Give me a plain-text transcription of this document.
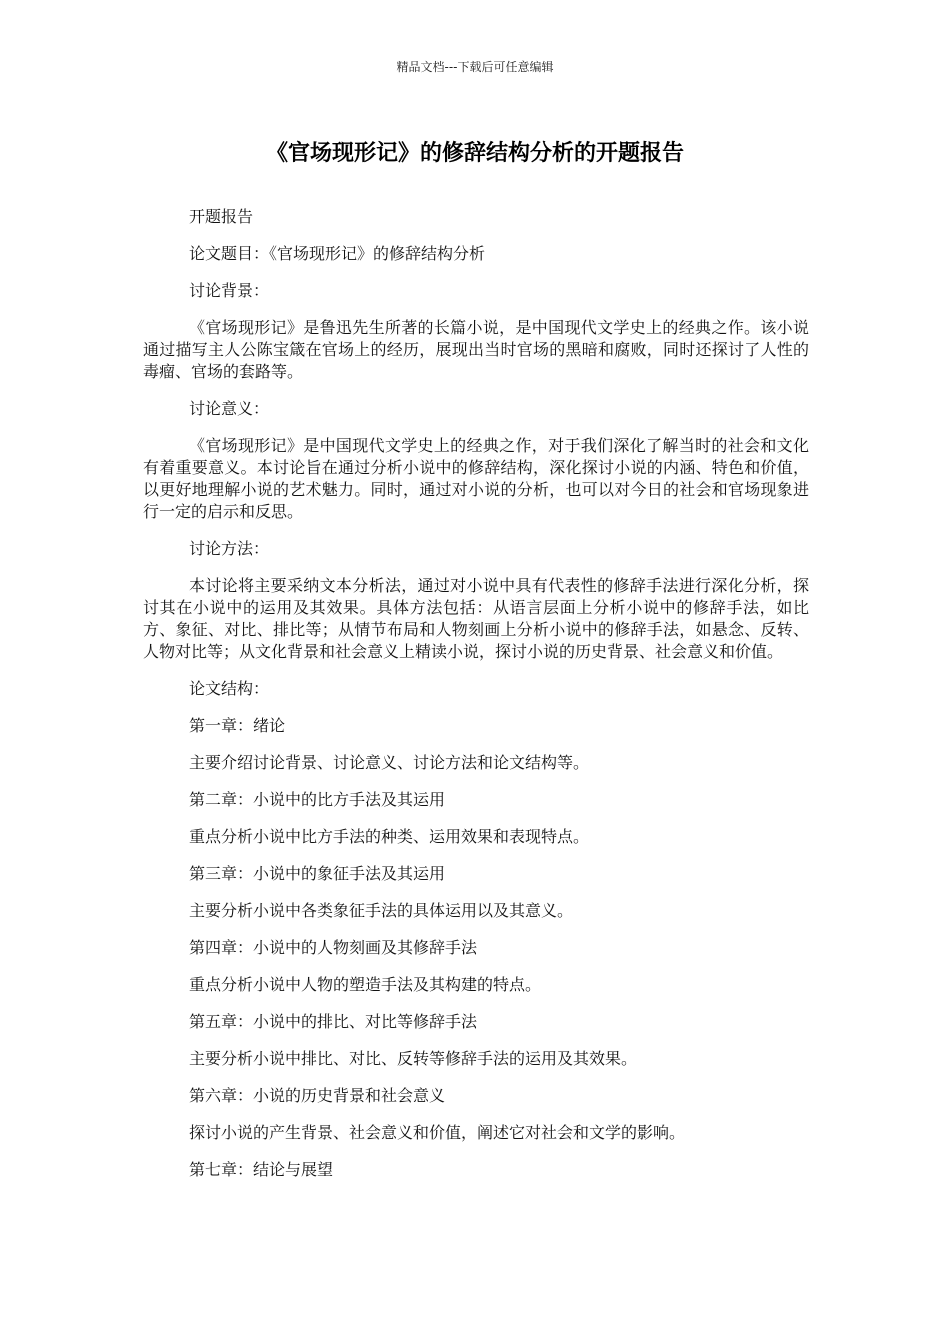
精品文档---下载后可任意编辑
《官场现形记》的修辞结构分析的开题报告

开题报告

论文题目：《官场现形记》的修辞结构分析

讨论背景：

《官场现形记》是鲁迅先生所著的长篇小说，是中国现代文学史上的经典之作。该小说通过描写主人公陈宝箴在官场上的经历，展现出当时官场的黑暗和腐败，同时还探讨了人性的毒瘤、官场的套路等。

讨论意义：

《官场现形记》是中国现代文学史上的经典之作，对于我们深化了解当时的社会和文化有着重要意义。本讨论旨在通过分析小说中的修辞结构，深化探讨小说的内涵、特色和价值，以更好地理解小说的艺术魅力。同时，通过对小说的分析，也可以对今日的社会和官场现象进行一定的启示和反思。

讨论方法：

本讨论将主要采纳文本分析法，通过对小说中具有代表性的修辞手法进行深化分析，探讨其在小说中的运用及其效果。具体方法包括：从语言层面上分析小说中的修辞手法，如比方、象征、对比、排比等；从情节布局和人物刻画上分析小说中的修辞手法，如悬念、反转、人物对比等；从文化背景和社会意义上精读小说，探讨小说的历史背景、社会意义和价值。

论文结构：

第一章：绪论

主要介绍讨论背景、讨论意义、讨论方法和论文结构等。

第二章：小说中的比方手法及其运用

重点分析小说中比方手法的种类、运用效果和表现特点。

第三章：小说中的象征手法及其运用

主要分析小说中各类象征手法的具体运用以及其意义。

第四章：小说中的人物刻画及其修辞手法

重点分析小说中人物的塑造手法及其构建的特点。

第五章：小说中的排比、对比等修辞手法

主要分析小说中排比、对比、反转等修辞手法的运用及其效果。

第六章：小说的历史背景和社会意义

探讨小说的产生背景、社会意义和价值，阐述它对社会和文学的影响。

第七章：结论与展望
